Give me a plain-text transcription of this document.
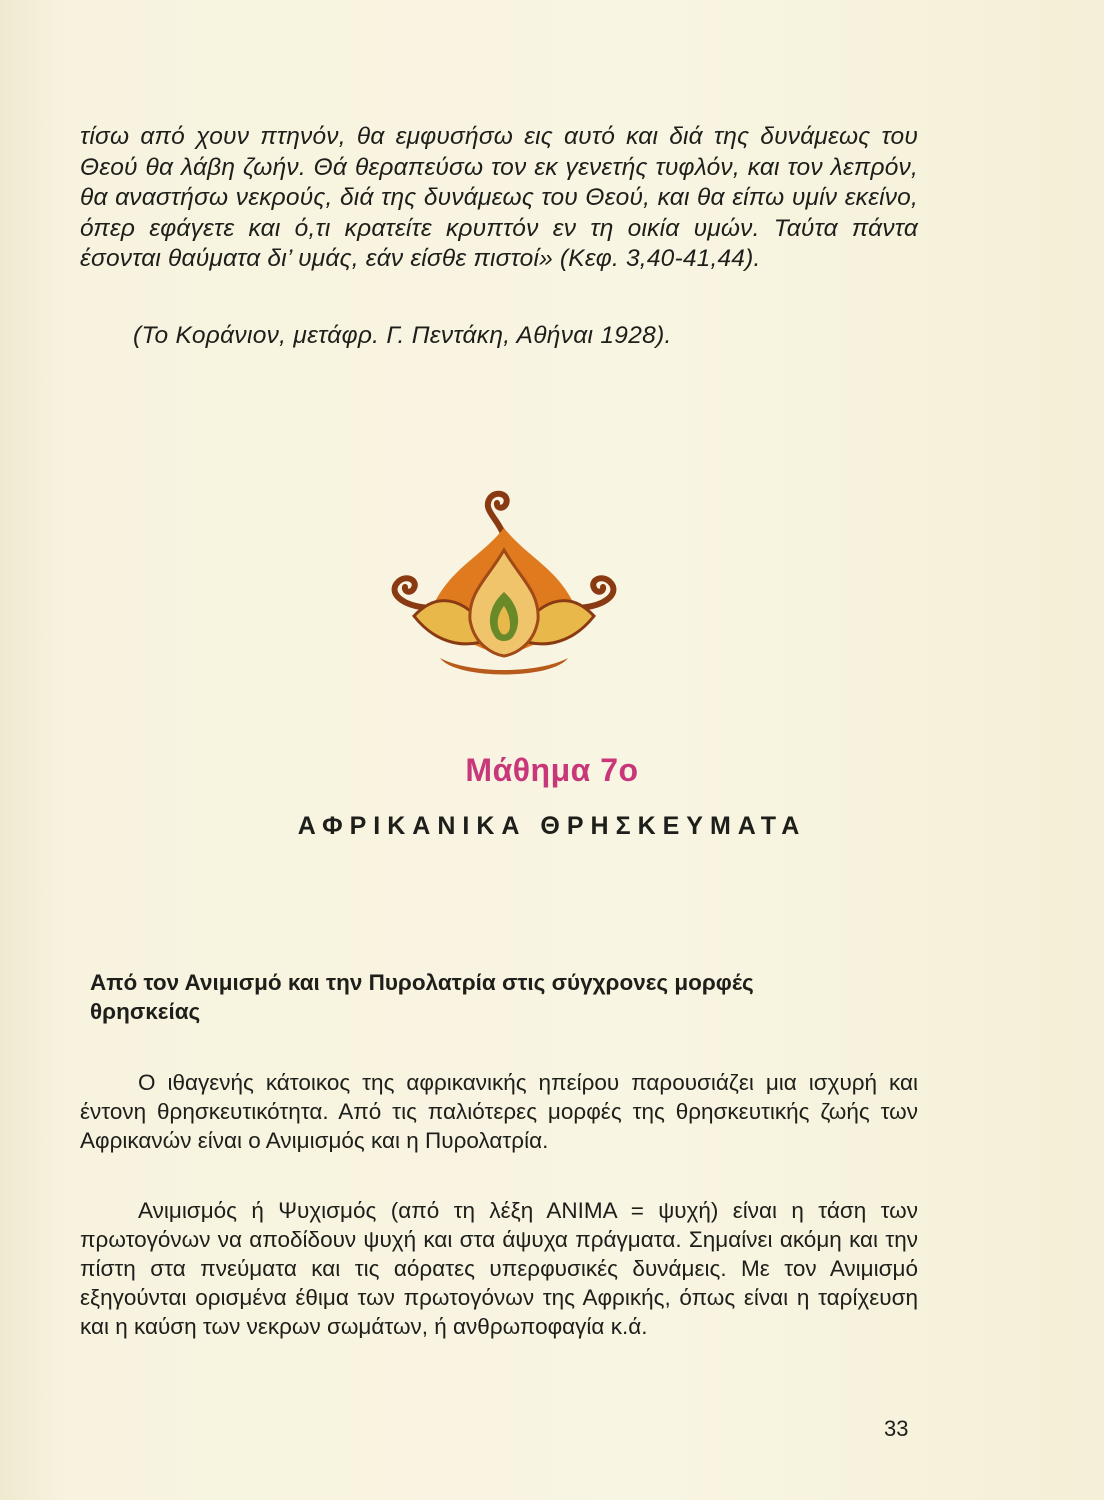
τίσω από χουν πτηνόν, θα εμφυσήσω εις αυτό και διά της δυνάμεως του Θεού θα λάβη ζωήν. Θά θεραπεύσω τον εκ γενετής τυφλόν, και τον λεπρόν, θα αναστήσω νεκρούς, διά της δυνάμεως του Θεού, και θα είπω υμίν εκείνο, όπερ εφάγετε και ό,τι κρατείτε κρυπτόν εν τη οικία υμών. Ταύτα πάντα έσονται θαύματα δι’ υμάς, εάν είσθε πιστοί» (Κεφ. 3,40-41,44).

(Το Κοράνιον, μετάφρ. Γ. Πεντάκη, Αθήναι 1928).
Μάθημα 7ο
ΑΦΡΙΚΑΝΙΚΑ ΘΡΗΣΚΕΥΜΑΤΑ
Από τον Ανιμισμό και την Πυρολατρία στις σύγχρονες μορφές θρησκείας

Ο ιθαγενής κάτοικος της αφρικανικής ηπείρου παρουσιάζει μια ισχυρή και έντονη θρησκευτικότητα. Από τις παλιότερες μορφές της θρησκευτικής ζωής των Αφρικανών είναι ο Ανιμισμός και η Πυρολατρία.

Ανιμισμός ή Ψυχισμός (από τη λέξη ΑΝΙΜΑ = ψυχή) είναι η τάση των πρωτογόνων να αποδίδουν ψυχή και στα άψυχα πράγματα. Σημαίνει ακόμη και την πίστη στα πνεύματα και τις αόρατες υπερφυσικές δυνάμεις. Με τον Ανιμισμό εξηγούνται ορισμένα έθιμα των πρωτογόνων της Αφρικής, όπως είναι η ταρίχευση και η καύση των νεκρων σωμάτων, ή ανθρωποφαγία κ.ά.

33
